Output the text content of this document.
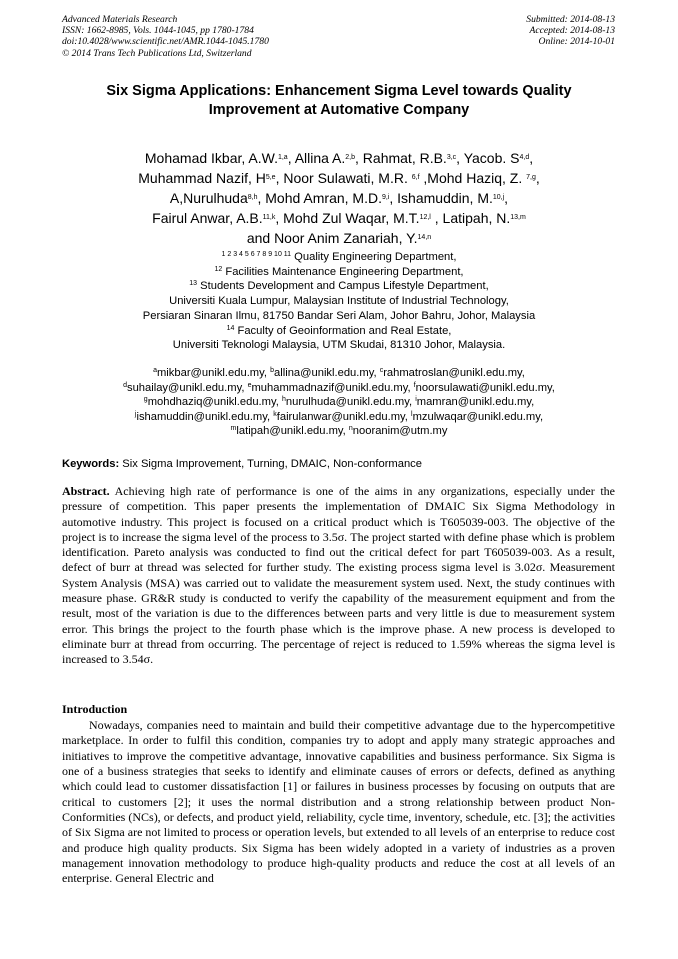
Advanced Materials Research
ISSN: 1662-8985, Vols. 1044-1045, pp 1780-1784
doi:10.4028/www.scientific.net/AMR.1044-1045.1780
© 2014 Trans Tech Publications Ltd, Switzerland
Submitted: 2014-08-13
Accepted: 2014-08-13
Online: 2014-10-01
Six Sigma Applications: Enhancement Sigma Level towards Quality
Improvement at Automative Company
Mohamad Ikbar, A.W.$^{1,a}$, Allina A.$^{2,b}$, Rahmat, R.B.$^{3,c}$, Yacob. S$^{4,d}$,
Muhammad Nazif, H$^{5,e}$, Noor Sulawati, M.R. $^{6,f}$ ,Mohd Haziq, Z. $^{7,g}$,
A,Nurulhuda$^{8,h}$, Mohd Amran, M.D.$^{9,i}$, Ishamuddin, M.$^{10,j}$,
Fairul Anwar, A.B.$^{11,k}$, Mohd Zul Waqar, M.T.$^{12,l}$ , Latipah, N.$^{13,m}$
and Noor Anim Zanariah, Y.$^{14,n}$
$^{1 2 3 4 5 6 7 8 9 10 11}$ Quality Engineering Department,
$^{12}$ Facilities Maintenance Engineering Department,
$^{13}$ Students Development and Campus Lifestyle Department,
Universiti Kuala Lumpur, Malaysian Institute of Industrial Technology,
Persiaran Sinaran Ilmu, 81750 Bandar Seri Alam, Johor Bahru, Johor, Malaysia
$^{14}$ Faculty of Geoinformation and Real Estate,
Universiti Teknologi Malaysia, UTM Skudai, 81310 Johor, Malaysia.
$^a$mikbar@unikl.edu.my, $^b$allina@unikl.edu.my, $^c$rahmatroslan@unikl.edu.my,
$^d$suhailay@unikl.edu.my, $^e$muhammadnazif@unikl.edu.my, $^f$noorsulawati@unikl.edu.my,
$^g$mohdhaziq@unikl.edu.my, $^h$nurulhuda@unikl.edu.my, $^i$mamran@unikl.edu.my,
$^j$ishamuddin@unikl.edu.my, $^k$fairulanwar@unikl.edu.my, $^l$mzulwaqar@unikl.edu.my,
$^m$latipah@unikl.edu.my, $^n$nooranim@utm.my
Keywords: Six Sigma Improvement, Turning, DMAIC, Non-conformance
Abstract. Achieving high rate of performance is one of the aims in any organizations, especially under the pressure of competition. This paper presents the implementation of DMAIC Six Sigma Methodology in automotive industry. This project is focused on a critical product which is T605039-003. The objective of the project is to increase the sigma level of the process to 3.5σ. The project started with define phase which is problem identification. Pareto analysis was conducted to find out the critical defect for part T605039-003. As a result, defect of burr at thread was selected for further study. The existing process sigma level is 3.02σ. Measurement System Analysis (MSA) was carried out to validate the measurement system used. Next, the study continues with measure phase. GR&R study is conducted to verify the capability of the measurement equipment and from the result, most of the variation is due to the differences between parts and very little is due to measurement system error. This brings the project to the fourth phase which is the improve phase. A new process is developed to eliminate burr at thread from occurring. The percentage of reject is reduced to 1.59% whereas the sigma level is increased to 3.54σ.
Introduction
Nowadays, companies need to maintain and build their competitive advantage due to the hypercompetitive marketplace. In order to fulfil this condition, companies try to adopt and apply many strategic approaches and initiatives to improve the competitive advantage, innovative capabilities and business performance. Six Sigma is one of a business strategies that seeks to identify and eliminate causes of errors or defects, defined as anything which could lead to customer dissatisfaction [1] or failures in business processes by focusing on outputs that are critical to customers [2]; it uses the normal distribution and a strong relationship between product Non-Conformities (NCs), or defects, and product yield, reliability, cycle time, inventory, schedule, etc. [3]; the activities of Six Sigma are not limited to process or operation levels, but extended to all levels of an enterprise to reduce cost and produce high quality products. Six Sigma has been widely adopted in a variety of industries as a proven management innovation methodology to produce high-quality products and reduce the cost at all levels of an enterprise. General Electric and
